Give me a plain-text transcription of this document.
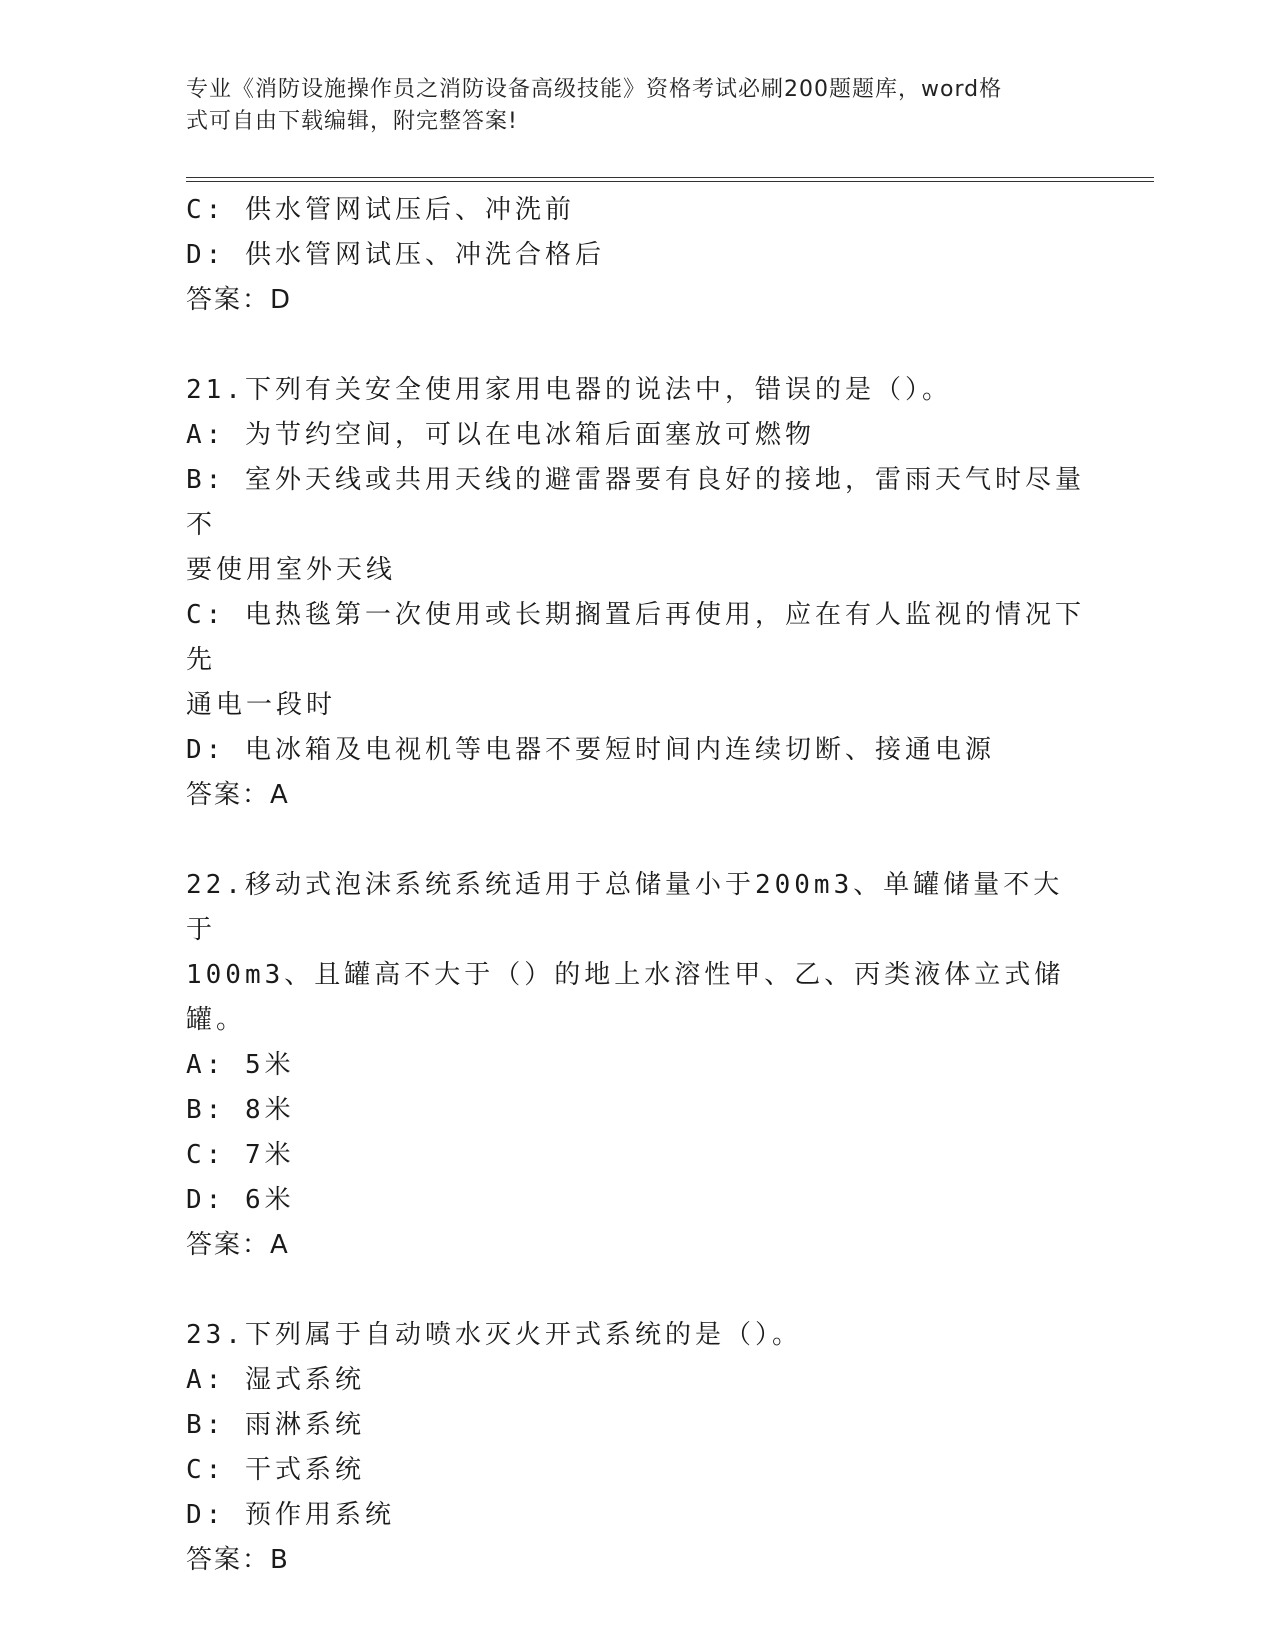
专业《消防设施操作员之消防设备高级技能》资格考试必刷200题题库，word格
式可自由下载编辑，附完整答案!

C: 供水管网试压后、冲洗前

D: 供水管网试压、冲洗合格后

答案：D

21.下列有关安全使用家用电器的说法中，错误的是（）。

A: 为节约空间，可以在电冰箱后面塞放可燃物

B: 室外天线或共用天线的避雷器要有良好的接地，雷雨天气时尽量不

要使用室外天线

C: 电热毯第一次使用或长期搁置后再使用，应在有人监视的情况下先

通电一段时

D: 电冰箱及电视机等电器不要短时间内连续切断、接通电源

答案：A

22.移动式泡沫系统系统适用于总储量小于200m3、单罐储量不大于

100m3、且罐高不大于（）的地上水溶性甲、乙、丙类液体立式储罐。

A: 5米

B: 8米

C: 7米

D: 6米

答案：A

23.下列属于自动喷水灭火开式系统的是（）。

A: 湿式系统

B: 雨淋系统

C: 干式系统

D: 预作用系统

答案：B
